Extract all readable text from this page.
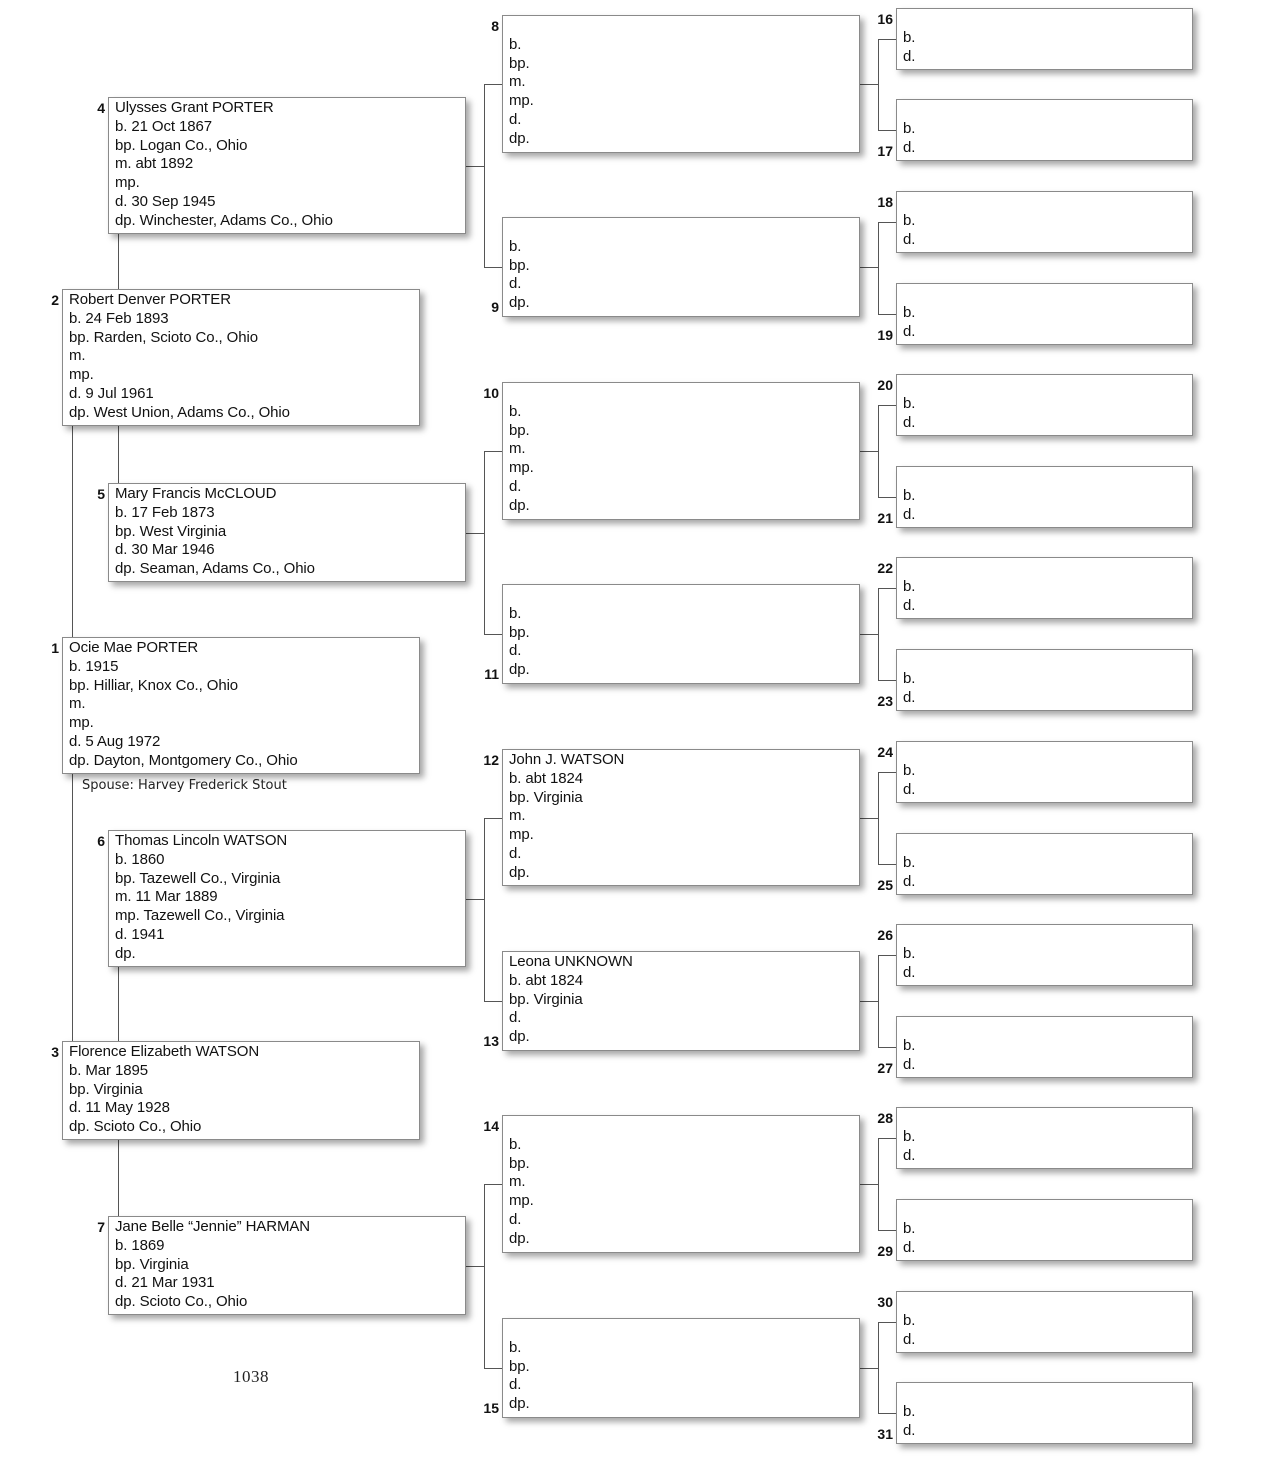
Ocie Mae PORTER
b. 1915
bp. Hilliar, Knox Co., Ohio
m.
mp.
d. 5 Aug 1972
dp. Dayton, Montgomery Co., Ohio
1
Robert Denver PORTER
b. 24 Feb 1893
bp. Rarden, Scioto Co., Ohio
m.
mp.
d. 9 Jul 1961
dp. West Union, Adams Co., Ohio
2
Florence Elizabeth WATSON
b. Mar 1895
bp. Virginia
d. 11 May 1928
dp. Scioto Co., Ohio
3
Ulysses Grant PORTER
b. 21 Oct 1867
bp. Logan Co., Ohio
m. abt 1892
mp.
d. 30 Sep 1945
dp. Winchester, Adams Co., Ohio
4
Mary Francis McCLOUD
b. 17 Feb 1873
bp. West Virginia
d. 30 Mar 1946
dp. Seaman, Adams Co., Ohio
5
Thomas Lincoln WATSON
b. 1860
bp. Tazewell Co., Virginia
m. 11 Mar 1889
mp. Tazewell Co., Virginia
d. 1941
dp.
6
Jane Belle “Jennie” HARMAN
b. 1869
bp. Virginia
d. 21 Mar 1931
dp. Scioto Co., Ohio
7
b.
bp.
m.
mp.
d.
dp.
8
b.
bp.
d.
dp.
9
b.
bp.
m.
mp.
d.
dp.
10
b.
bp.
d.
dp.
11
John J. WATSON
b. abt 1824
bp. Virginia
m.
mp.
d.
dp.
12
Leona UNKNOWN
b. abt 1824
bp. Virginia
d.
dp.
13
b.
bp.
m.
mp.
d.
dp.
14
b.
bp.
d.
dp.
15
b.
d.
16
b.
d.
17
b.
d.
18
b.
d.
19
b.
d.
20
b.
d.
21
b.
d.
22
b.
d.
23
b.
d.
24
b.
d.
25
b.
d.
26
b.
d.
27
b.
d.
28
b.
d.
29
b.
d.
30
b.
d.
31
Spouse: Harvey Frederick Stout
1038
